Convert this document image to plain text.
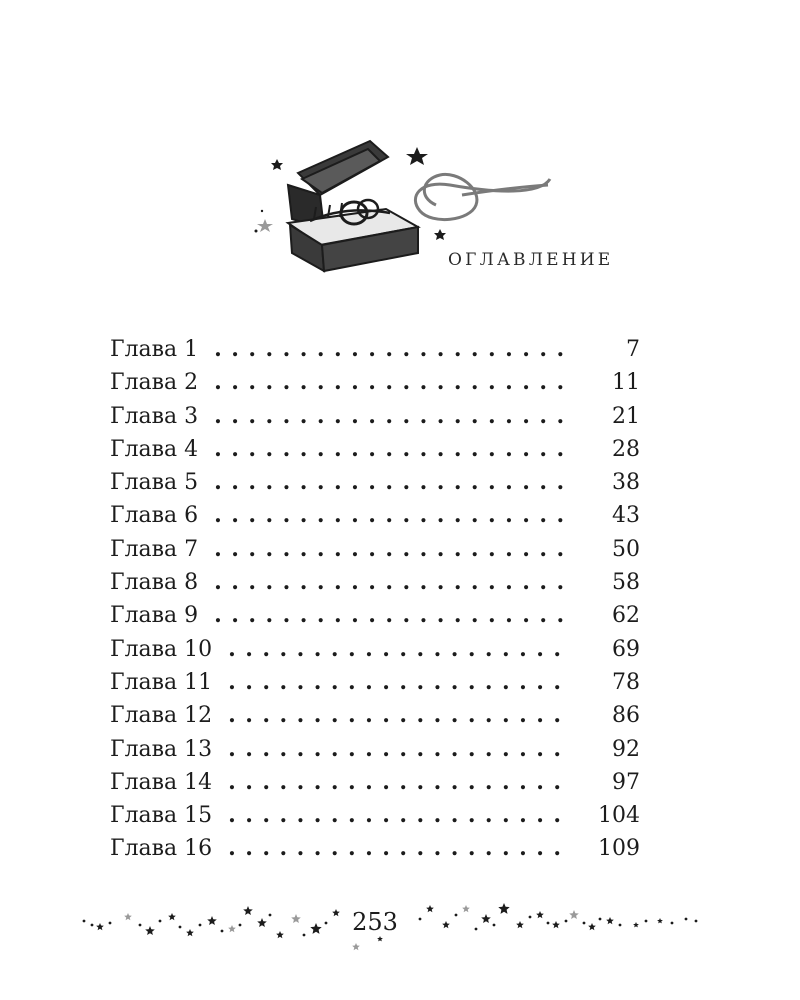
ОГЛАВЛЕНИЕ
Глава 1 . . .	7
Глава 2 . . .	11
Глава 3 . . .	21
Глава 4 . . .	28
Глава 5 . . .	38
Глава 6 . . .	43
Глава 7 . . .	50
Глава 8 . . .	58
Глава 9 . . .	62
Глава 10 . . .	69
Глава 11 . . .	78
Глава 12 . . .	86
Глава 13 . . .	92
Глава 14 . . .	97
Глава 15 . . .	104
Глава 16 . . .	109
253
